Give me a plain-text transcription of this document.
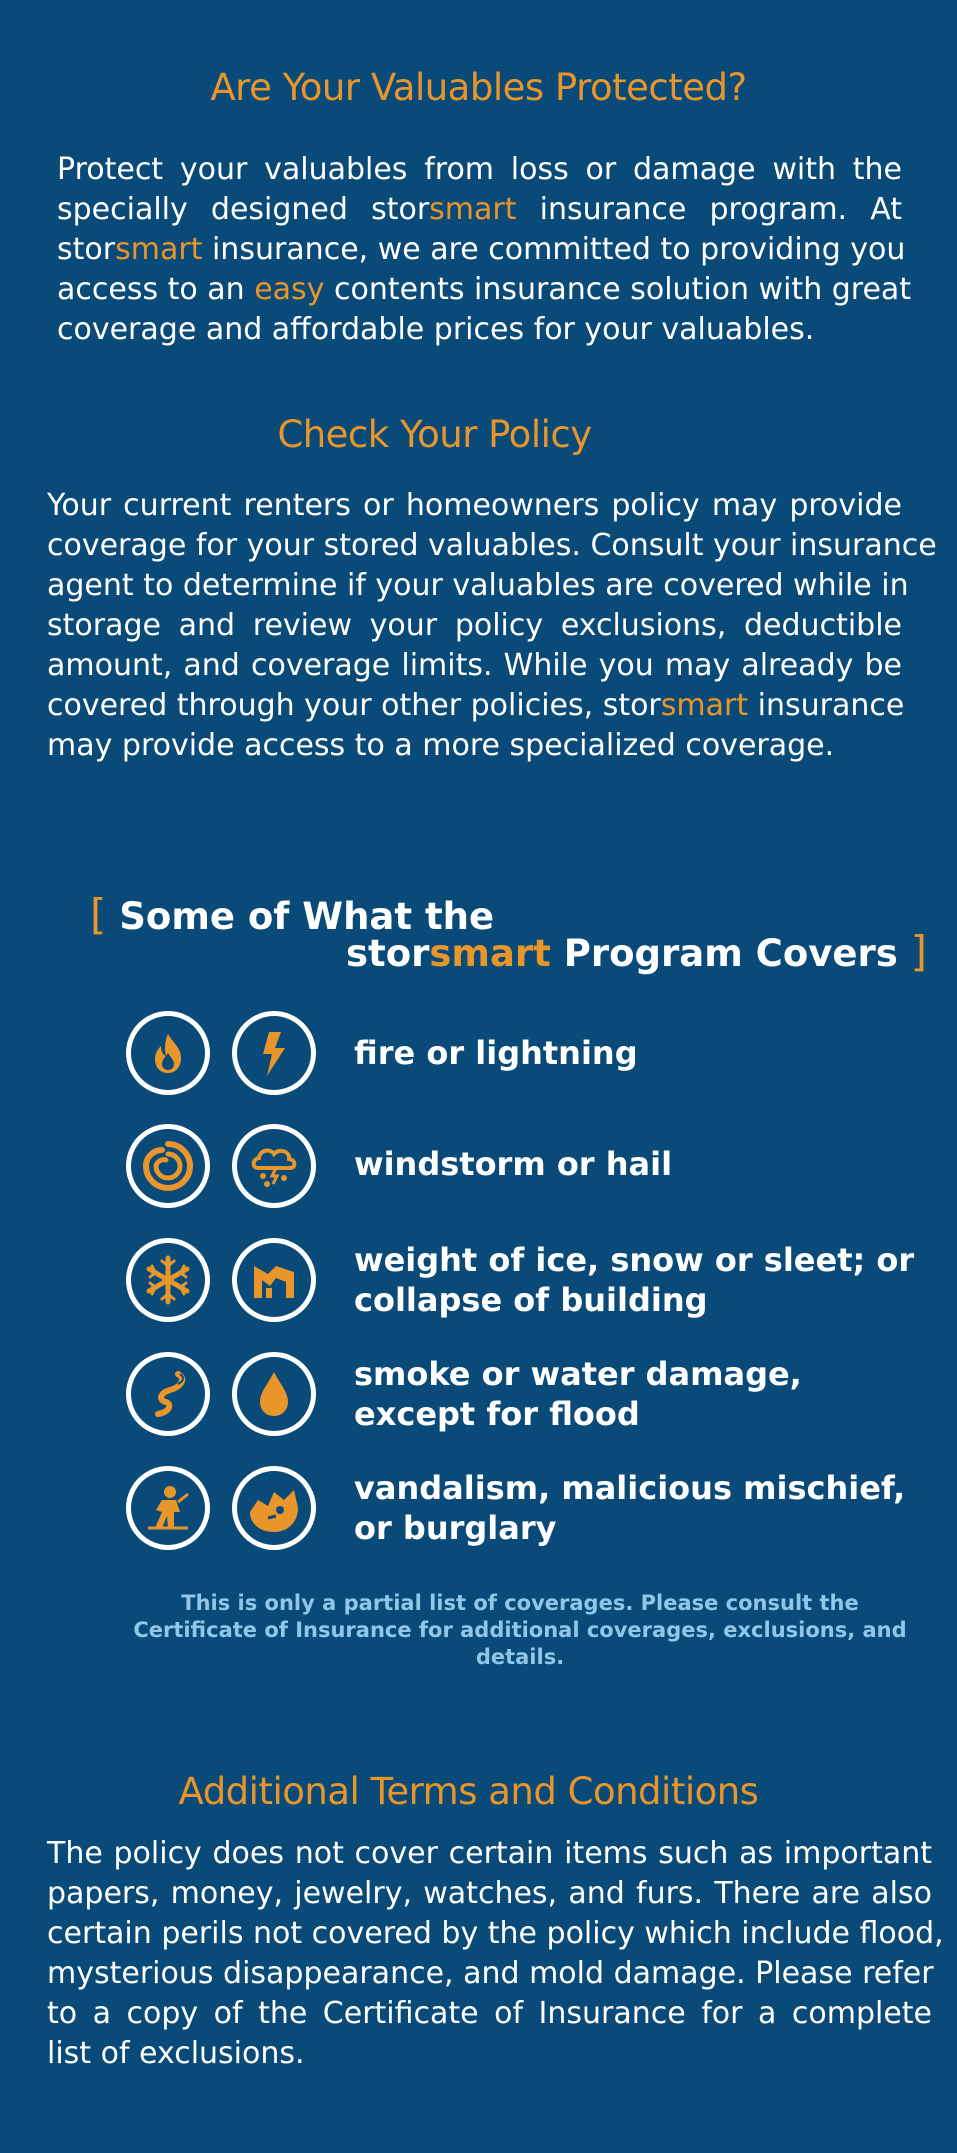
Are Your Valuables Protected?

Protect your valuables from loss or damage with the
specially designed storsmart insurance program. At
storsmart insurance, we are committed to providing you
access to an easy contents insurance solution with great
coverage and affordable prices for your valuables.

Check Your Policy

Your current renters or homeowners policy may provide
coverage for your stored valuables. Consult your insurance
agent to determine if your valuables are covered while in
storage and review your policy exclusions, deductible
amount, and coverage limits. While you may already be
covered through your other policies, storsmart insurance
may provide access to a more specialized coverage.

[ Some of What the
storsmart Program Covers ]
fire or lightning
windstorm or hail
weight of ice, snow or sleet; or
collapse of building
smoke or water damage,
except for flood
vandalism, malicious mischief,
or burglary
This is only a partial list of coverages. Please consult the
Certificate of Insurance for additional coverages, exclusions, and
details.
Additional Terms and Conditions

The policy does not cover certain items such as important
papers, money, jewelry, watches, and furs. There are also
certain perils not covered by the policy which include flood,
mysterious disappearance, and mold damage. Please refer
to a copy of the Certificate of Insurance for a complete
list of exclusions.
